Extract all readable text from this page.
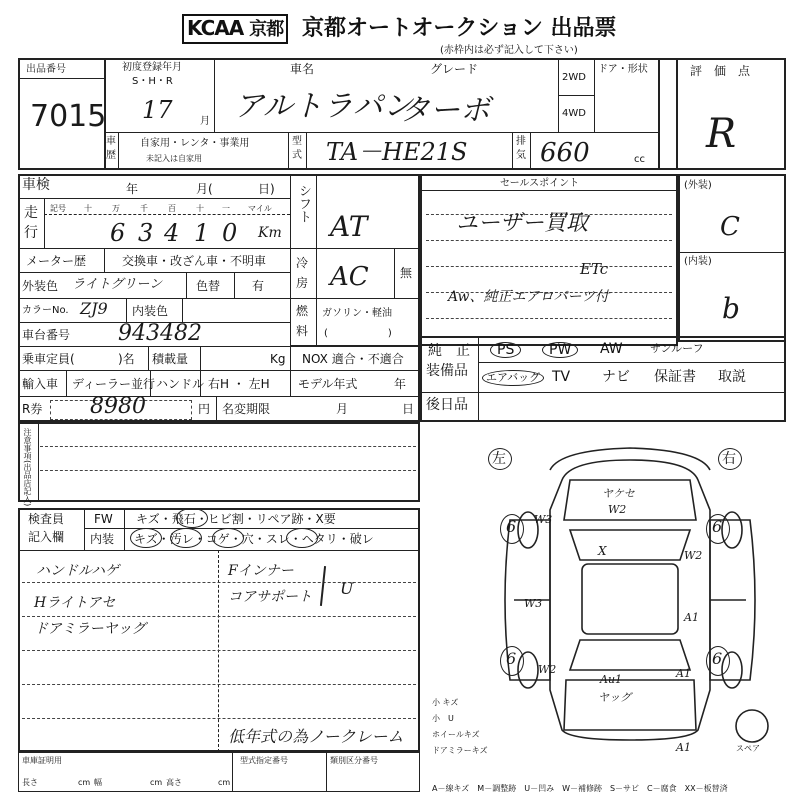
KCAA 京都 京都オートオークション 出品票
(赤枠内は必ず記入して下さい)
出品番号
7015
初度登録年月
S・H・R
17	月
車名	グレード
アルトラパン
ターボ
2WD
4WD
ドア・形状	評　価　点
R
車
歴
自家用・レンタ・事業用
未記入は自家用
型
式 TA－HE21S	排
気 660	cc
車検	年	月(	日)
走
行
記号 十	万	千	百	十 一 マイル
6 3 4 1 0 Km
メーター歴	交換車・改ざん車・不明車
外装色 ライトグリーン	色替	有
カラーNo. ZJ9 内装色
車台番号 943482
乗車定員(	)名 積載量	Kg NOX 適合・不適合
輸入車 ディーラー並行 ハンドル 右H ・ 左H モデル年式	年
R券 8980	円 名変期限	月	日
シフト
AT
冷
房 AC	無
燃
料
ガソリン・軽油
(　　　　　　)
セールスポイント
ユーザー買取
ETc
Aw、純正エアロパーツ付
(外装)
C
(内装)
b
純　正
装備品
PS	PW	AW サンルーフ
エアバッグ TV ナビ 保証書 取説
後日品
注意事項(出品店記入)
検査員
記入欄
FW
内装
キズ・飛石・ヒビ割・リペア跡・X要
キズ・汚レ・コゲ・穴・スレ・ヘタリ・破レ
ハンドルハゲ
Hライトアセ
ドアミラーヤッグ
Fインナー
コアサポート U
低年式の為ノークレーム
車庫証明用
長さ	cm 幅	cm 高さ	cm
型式指定番号	類別区分番号
左	右
6	6
6	6
ヤケセ
W2
W3
W2
X
W3
A1
W2	A1
Au1
ヤッグ
A1
小 キズ
小　U
ホイールキズ
ドアミラーキズ	スペア
A－線キズ　M－調整跡　U－凹み　W－補修跡　S－サビ　C－腐食　XX－板替済
